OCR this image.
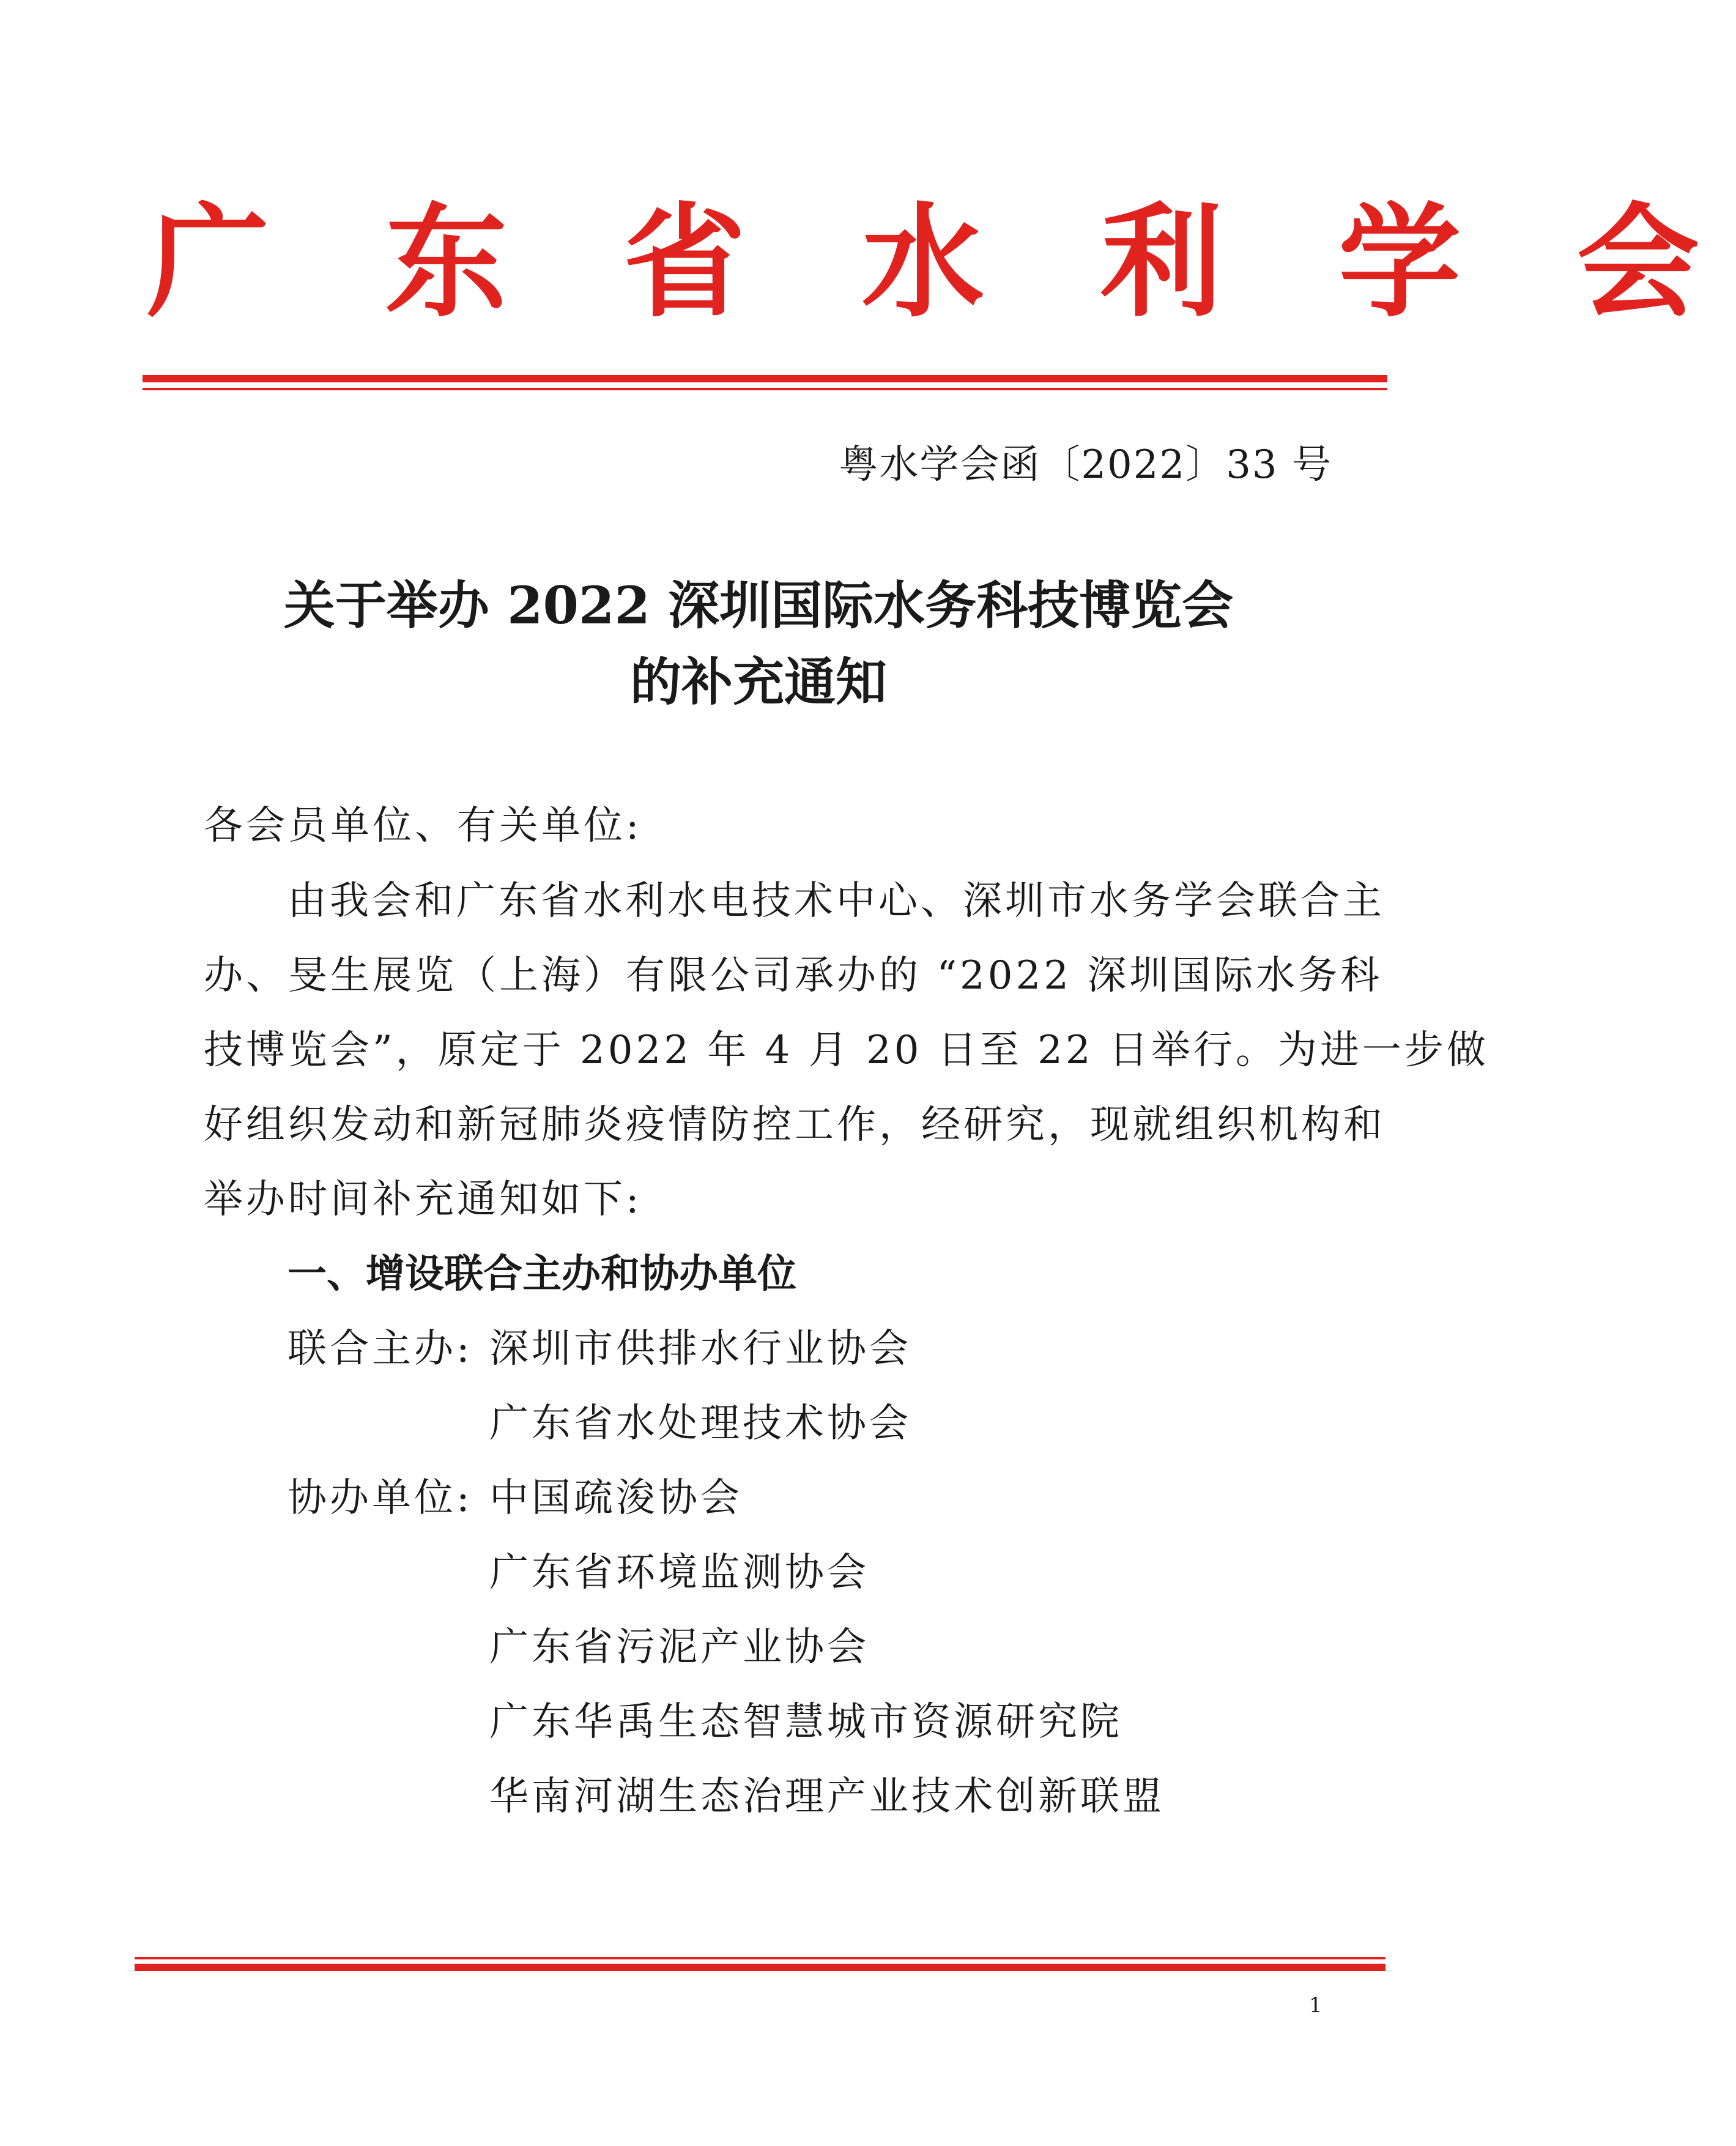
广 东 省 水 利 学 会
粤水学会函〔2022〕33 号
关于举办 2022 深圳国际水务科技博览会
的补充通知
各会员单位、有关单位:
由我会和广东省水利水电技术中心、深圳市水务学会联合主
办、旻生展览（上海）有限公司承办的 “2022 深圳国际水务科
技博览会”，原定于 2022 年 4 月 20 日至 22 日举行。为进一步做
好组织发动和新冠肺炎疫情防控工作，经研究，现就组织机构和
举办时间补充通知如下:
一、增设联合主办和协办单位
联合主办: 深圳市供排水行业协会
广东省水处理技术协会
协办单位: 中国疏浚协会
广东省环境监测协会
广东省污泥产业协会
广东华禹生态智慧城市资源研究院
华南河湖生态治理产业技术创新联盟
1
